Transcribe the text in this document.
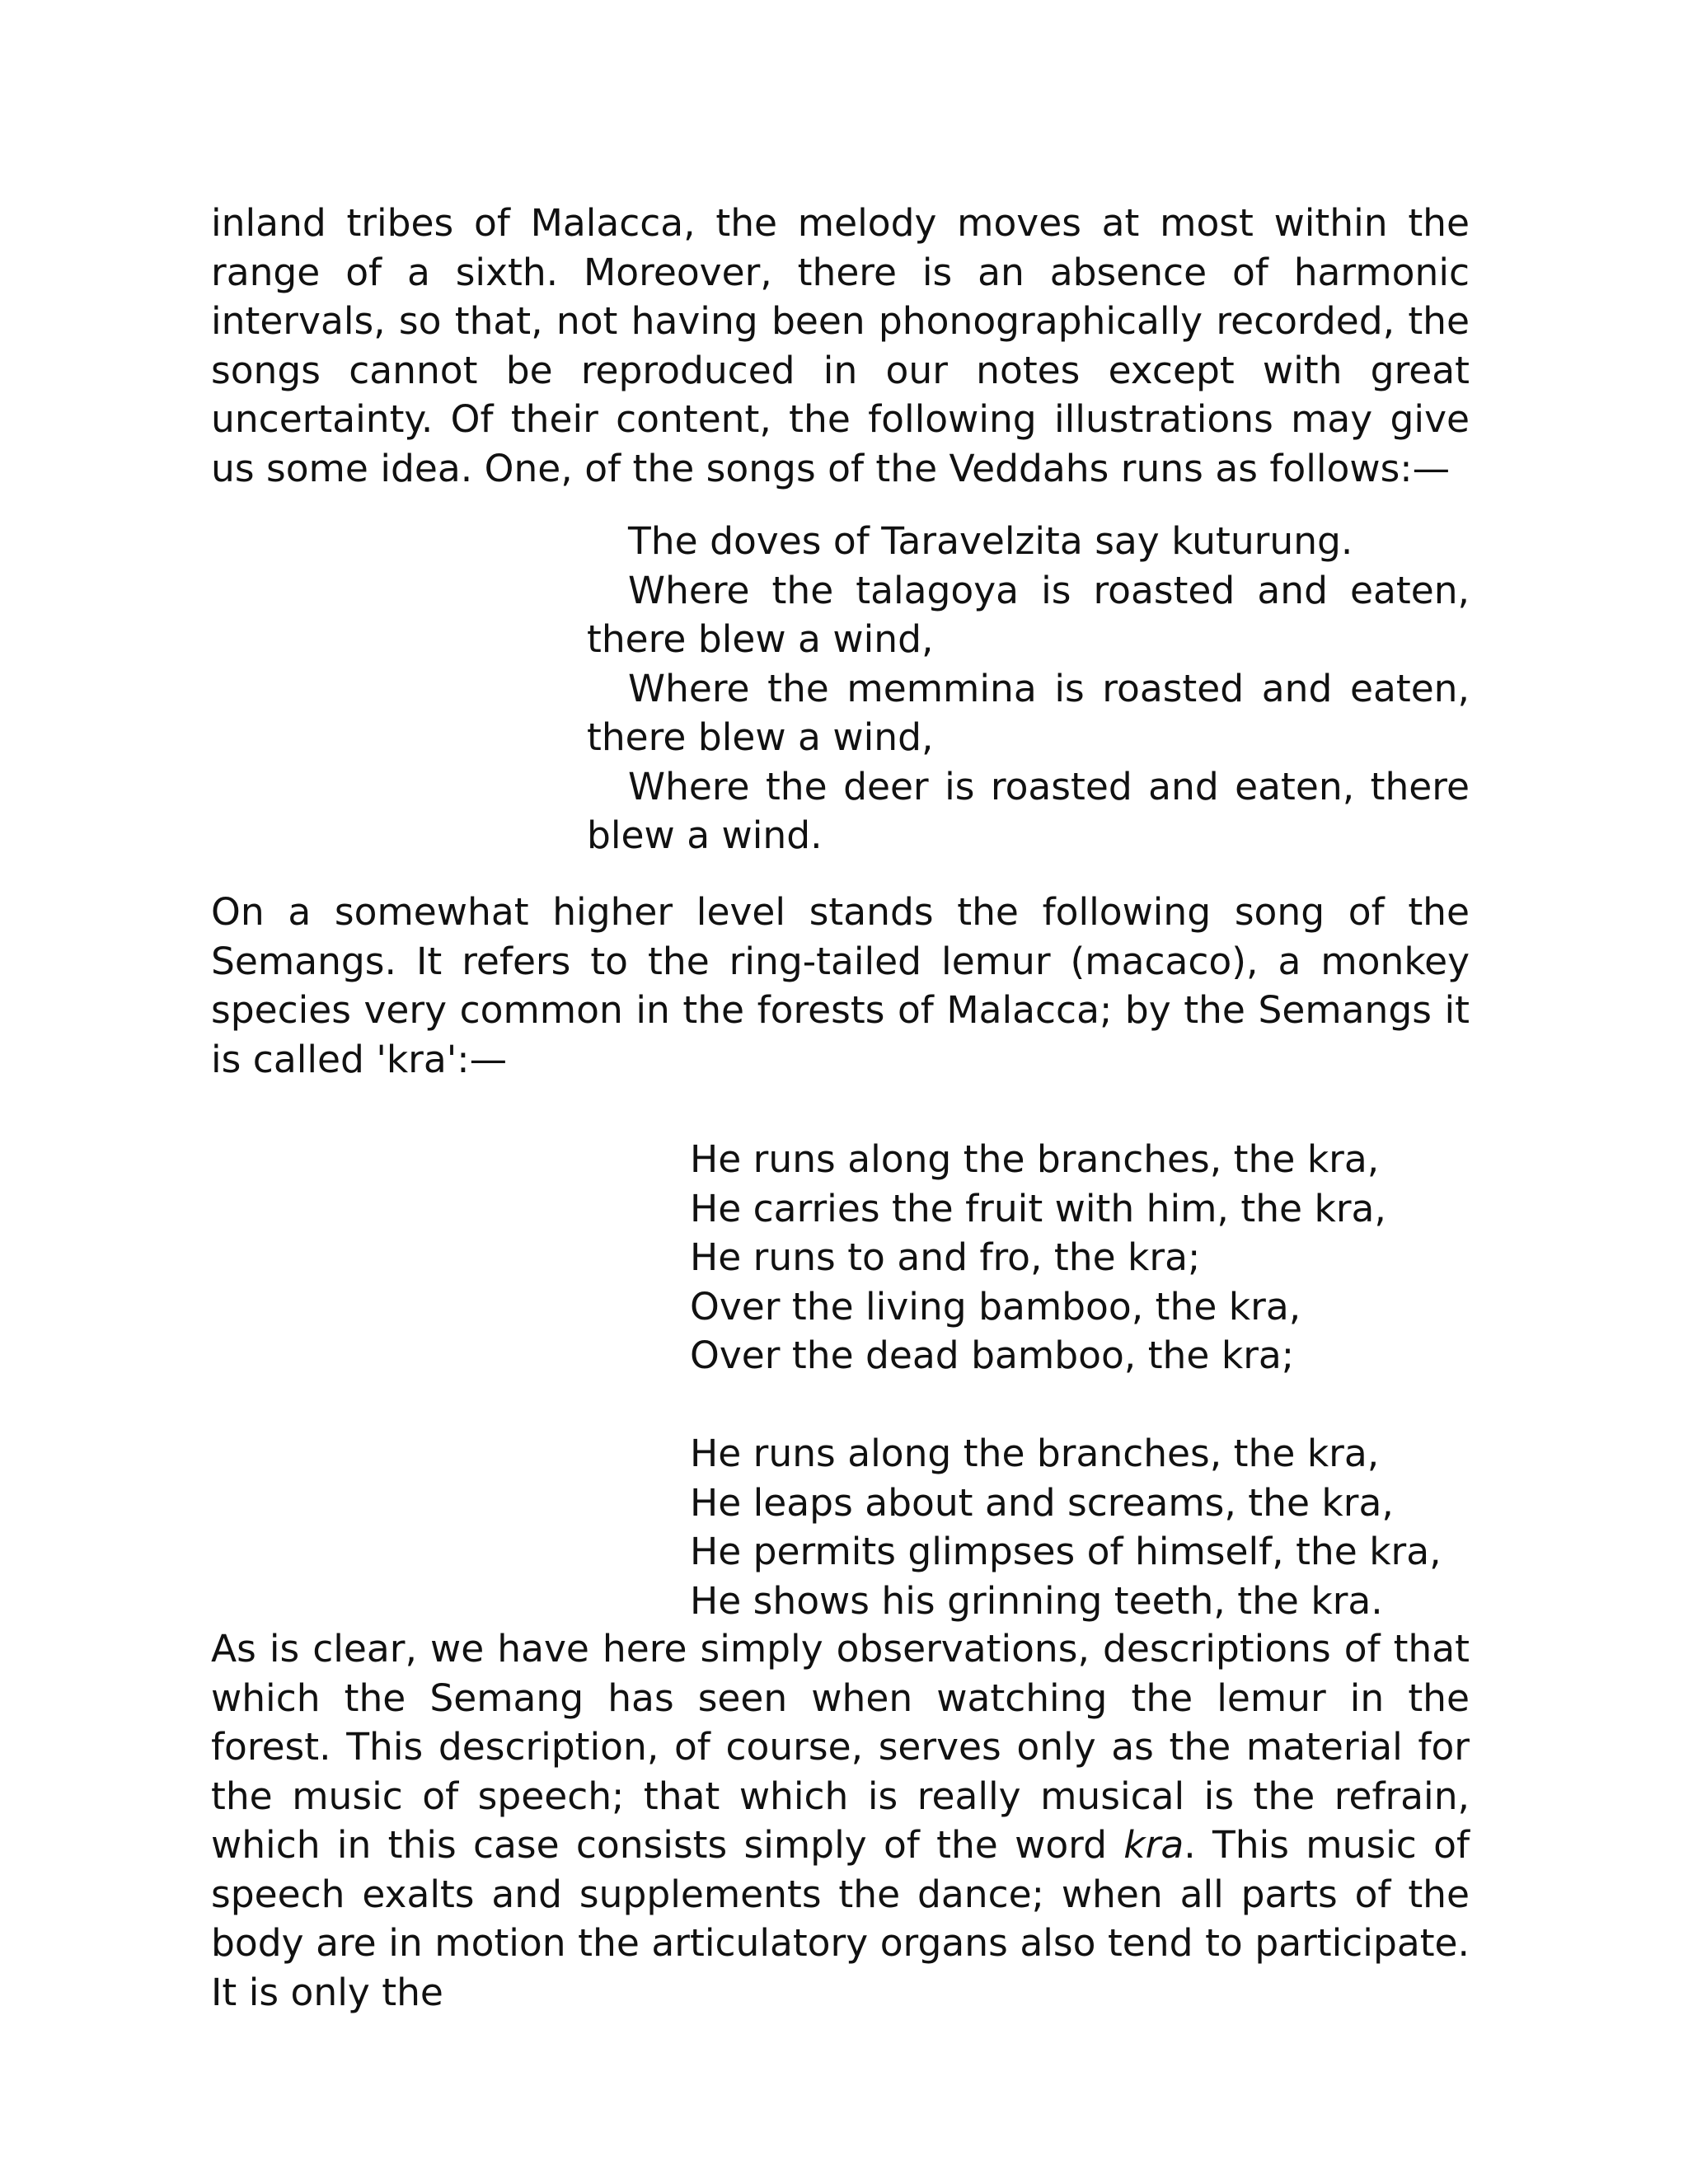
inland tribes of Malacca, the melody moves at most within the range of a sixth. Moreover, there is an absence of harmonic intervals, so that, not having been phonographically recorded, the songs cannot be reproduced in our notes except with great uncertainty. Of their content, the following illustrations may give us some idea. One, of the songs of the Veddahs runs as follows:—

The doves of Taravelzita say kuturung.

Where the talagoya is roasted and eaten, there blew a wind,

Where the memmina is roasted and eaten, there blew a wind,

Where the deer is roasted and eaten, there blew a wind.

On a somewhat higher level stands the following song of the Semangs. It refers to the ring-tailed lemur (macaco), a monkey species very common in the forests of Malacca; by the Semangs it is called 'kra':—

He runs along the branches, the kra,
He carries the fruit with him, the kra,
He runs to and fro, the kra;
Over the living bamboo, the kra,
Over the dead bamboo, the kra;
He runs along the branches, the kra,
He leaps about and screams, the kra,
He permits glimpses of himself, the kra,
He shows his grinning teeth, the kra.

As is clear, we have here simply observations, descriptions of that which the Semang has seen when watching the lemur in the forest. This description, of course, serves only as the material for the music of speech; that which is really musical is the refrain, which in this case consists simply of the word kra. This music of speech exalts and supplements the dance; when all parts of the body are in motion the articulatory organs also tend to participate. It is only the
